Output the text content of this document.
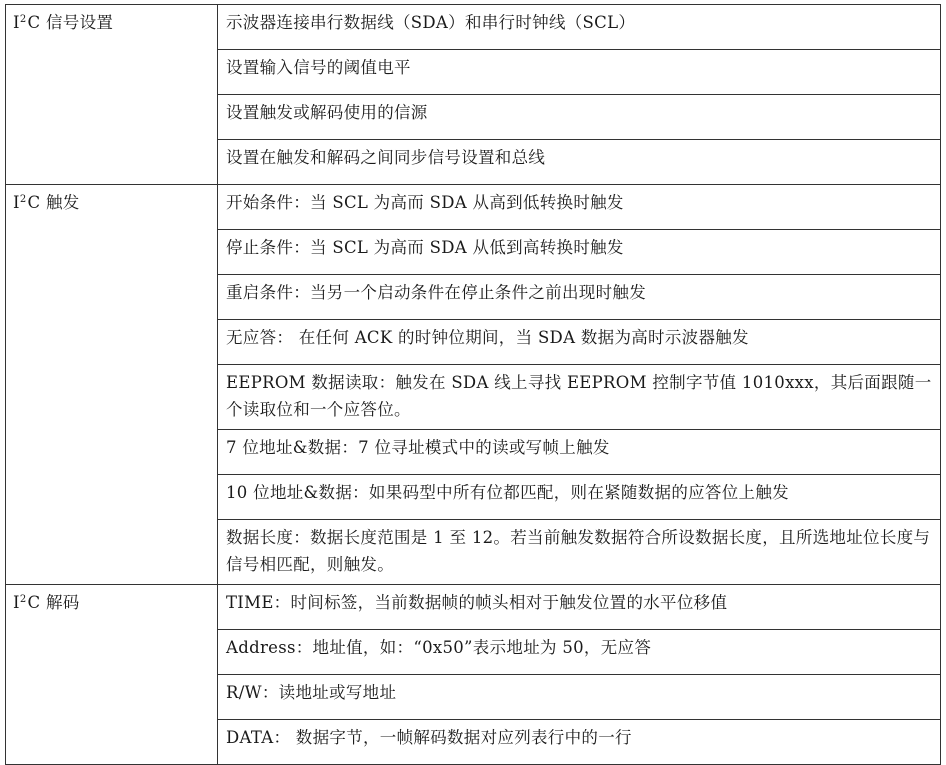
$I^2C$ 信号设置	示波器连接串行数据线（SDA）和串行时钟线（SCL）
	设置输入信号的阈值电平
	设置触发或解码使用的信源
	设置在触发和解码之间同步信号设置和总线
$I^2C$ 触发	开始条件：当 SCL 为高而 SDA 从高到低转换时触发
	停止条件：当 SCL 为高而 SDA 从低到高转换时触发
	重启条件：当另一个启动条件在停止条件之前出现时触发
	无应答： 在任何 ACK 的时钟位期间，当 SDA 数据为高时示波器触发
	EEPROM 数据读取：触发在 SDA 线上寻找 EEPROM 控制字节值 1010xxx，其后面跟随一个读取位和一个应答位。
	7 位地址&数据：7 位寻址模式中的读或写帧上触发
	10 位地址&数据：如果码型中所有位都匹配，则在紧随数据的应答位上触发
	数据长度：数据长度范围是 1 至 12。若当前触发数据符合所设数据长度，且所选地址位长度与信号相匹配，则触发。
$I^2C$ 解码	TIME：时间标签，当前数据帧的帧头相对于触发位置的水平位移值
	Address：地址值，如：“0x50”表示地址为 50，无应答
	R/W：读地址或写地址
	DATA： 数据字节，一帧解码数据对应列表行中的一行
